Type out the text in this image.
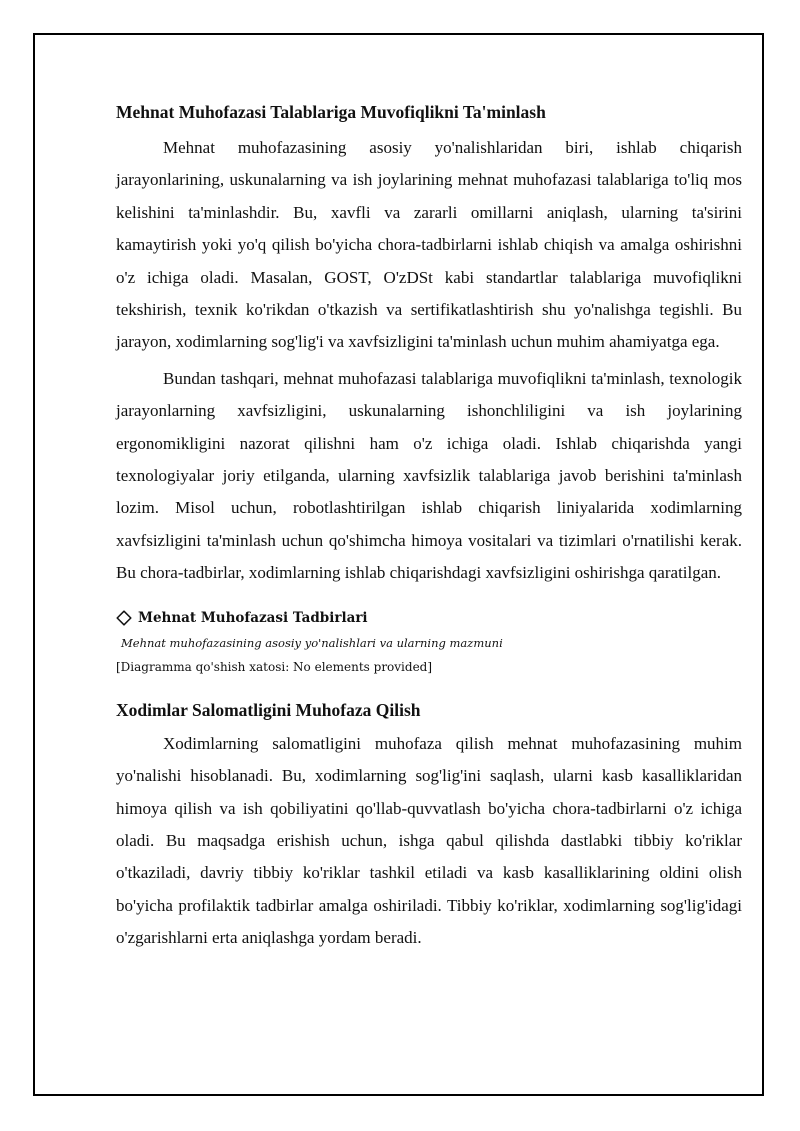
Mehnat Muhofazasi Talablariga Muvofiqlikni Ta'minlash

Mehnat muhofazasining asosiy yo'nalishlaridan biri, ishlab chiqarish jarayonlarining, uskunalarning va ish joylarining mehnat muhofazasi talablariga to'liq mos kelishini ta'minlashdir. Bu, xavfli va zararli omillarni aniqlash, ularning ta'sirini kamaytirish yoki yo'q qilish bo'yicha chora-tadbirlarni ishlab chiqish va amalga oshirishni o'z ichiga oladi. Masalan, GOST, O'zDSt kabi standartlar talablariga muvofiqlikni tekshirish, texnik ko'rikdan o'tkazish va sertifikatlashtirish shu yo'nalishga tegishli. Bu jarayon, xodimlarning sog'lig'i va xavfsizligini ta'minlash uchun muhim ahamiyatga ega.

Bundan tashqari, mehnat muhofazasi talablariga muvofiqlikni ta'minlash, texnologik jarayonlarning xavfsizligini, uskunalarning ishonchliligini va ish joylarining ergonomikligini nazorat qilishni ham o'z ichiga oladi. Ishlab chiqarishda yangi texnologiyalar joriy etilganda, ularning xavfsizlik talablariga javob berishini ta'minlash lozim. Misol uchun, robotlashtirilgan ishlab chiqarish liniyalarida xodimlarning xavfsizligini ta'minlash uchun qo'shimcha himoya vositalari va tizimlari o'rnatilishi kerak. Bu chora-tadbirlar, xodimlarning ishlab chiqarishdagi xavfsizligini oshirishga qaratilgan.

Mehnat Muhofazasi Tadbirlari
Mehnat muhofazasining asosiy yo'nalishlari va ularning mazmuni
[Diagramma qo'shish xatosi: No elements provided]
Xodimlar Salomatligini Muhofaza Qilish

Xodimlarning salomatligini muhofaza qilish mehnat muhofazasining muhim yo'nalishi hisoblanadi. Bu, xodimlarning sog'lig'ini saqlash, ularni kasb kasalliklaridan himoya qilish va ish qobiliyatini qo'llab-quvvatlash bo'yicha chora-tadbirlarni o'z ichiga oladi. Bu maqsadga erishish uchun, ishga qabul qilishda dastlabki tibbiy ko'riklar o'tkaziladi, davriy tibbiy ko'riklar tashkil etiladi va kasb kasalliklarining oldini olish bo'yicha profilaktik tadbirlar amalga oshiriladi. Tibbiy ko'riklar, xodimlarning sog'lig'idagi o'zgarishlarni erta aniqlashga yordam beradi.
